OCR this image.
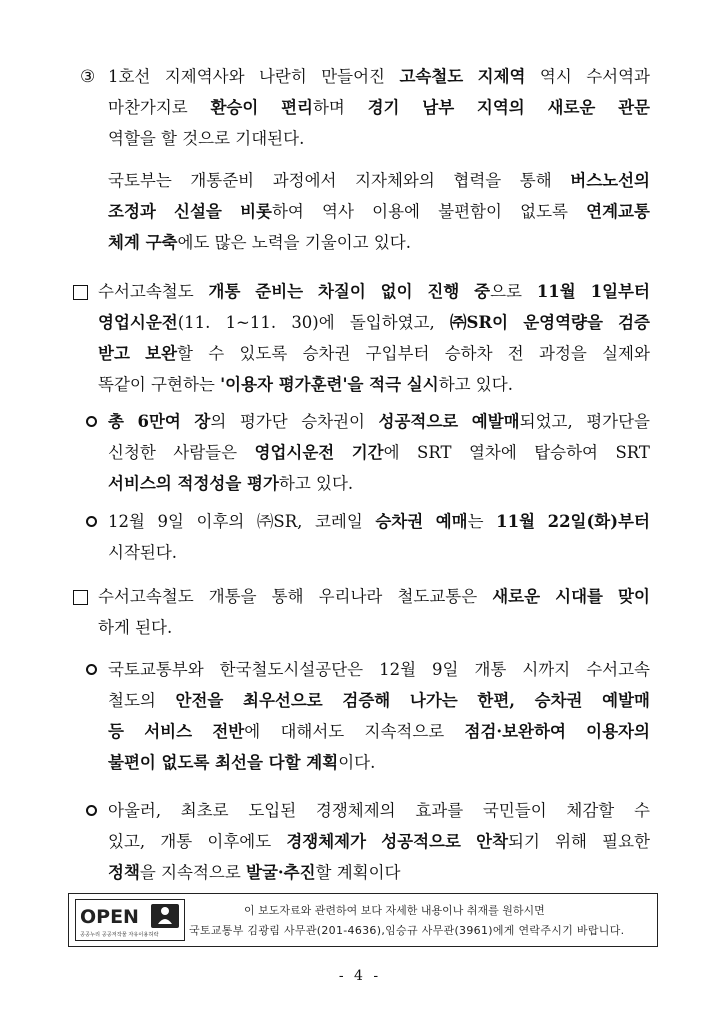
③ 1호선 지제역사와 나란히 만들어진 고속철도 지제역 역시 수서역과
마찬가지로 환승이 편리하며 경기 남부 지역의 새로운 관문
역할을 할 것으로 기대된다.
국토부는 개통준비 과정에서 지자체와의 협력을 통해 버스노선의
조정과 신설을 비롯하여 역사 이용에 불편함이 없도록 연계교통
체계 구축에도 많은 노력을 기울이고 있다.
수서고속철도 개통 준비는 차질이 없이 진행 중으로 11월 1일부터
영업시운전(11. 1~11. 30)에 돌입하였고, ㈜SR이 운영역량을 검증
받고 보완할 수 있도록 승차권 구입부터 승하차 전 과정을 실제와
똑같이 구현하는 '이용자 평가훈련'을 적극 실시하고 있다.
총 6만여 장의 평가단 승차권이 성공적으로 예발매되었고, 평가단을
신청한 사람들은 영업시운전 기간에 SRT 열차에 탑승하여 SRT
서비스의 적정성을 평가하고 있다.
12월 9일 이후의 ㈜SR, 코레일 승차권 예매는 11월 22일(화)부터
시작된다.
수서고속철도 개통을 통해 우리나라 철도교통은 새로운 시대를 맞이
하게 된다.
국토교통부와 한국철도시설공단은 12월 9일 개통 시까지 수서고속
철도의 안전을 최우선으로 검증해 나가는 한편, 승차권 예발매
등 서비스 전반에 대해서도 지속적으로 점검·보완하여 이용자의
불편이 없도록 최선을 다할 계획이다.
아울러, 최초로 도입된 경쟁체제의 효과를 국민들이 체감할 수
있고, 개통 이후에도 경쟁체제가 성공적으로 안착되기 위해 필요한
정책을 지속적으로 발굴·추진할 계획이다
OPEN
공공누리 공공저작물 자유이용허락
이 보도자료와 관련하여 보다 자세한 내용이나 취재를 원하시면
국토교통부 김광림 사무관(201-4636),임승규 사무관(3961)에게 연락주시기 바랍니다.
- 4 -
